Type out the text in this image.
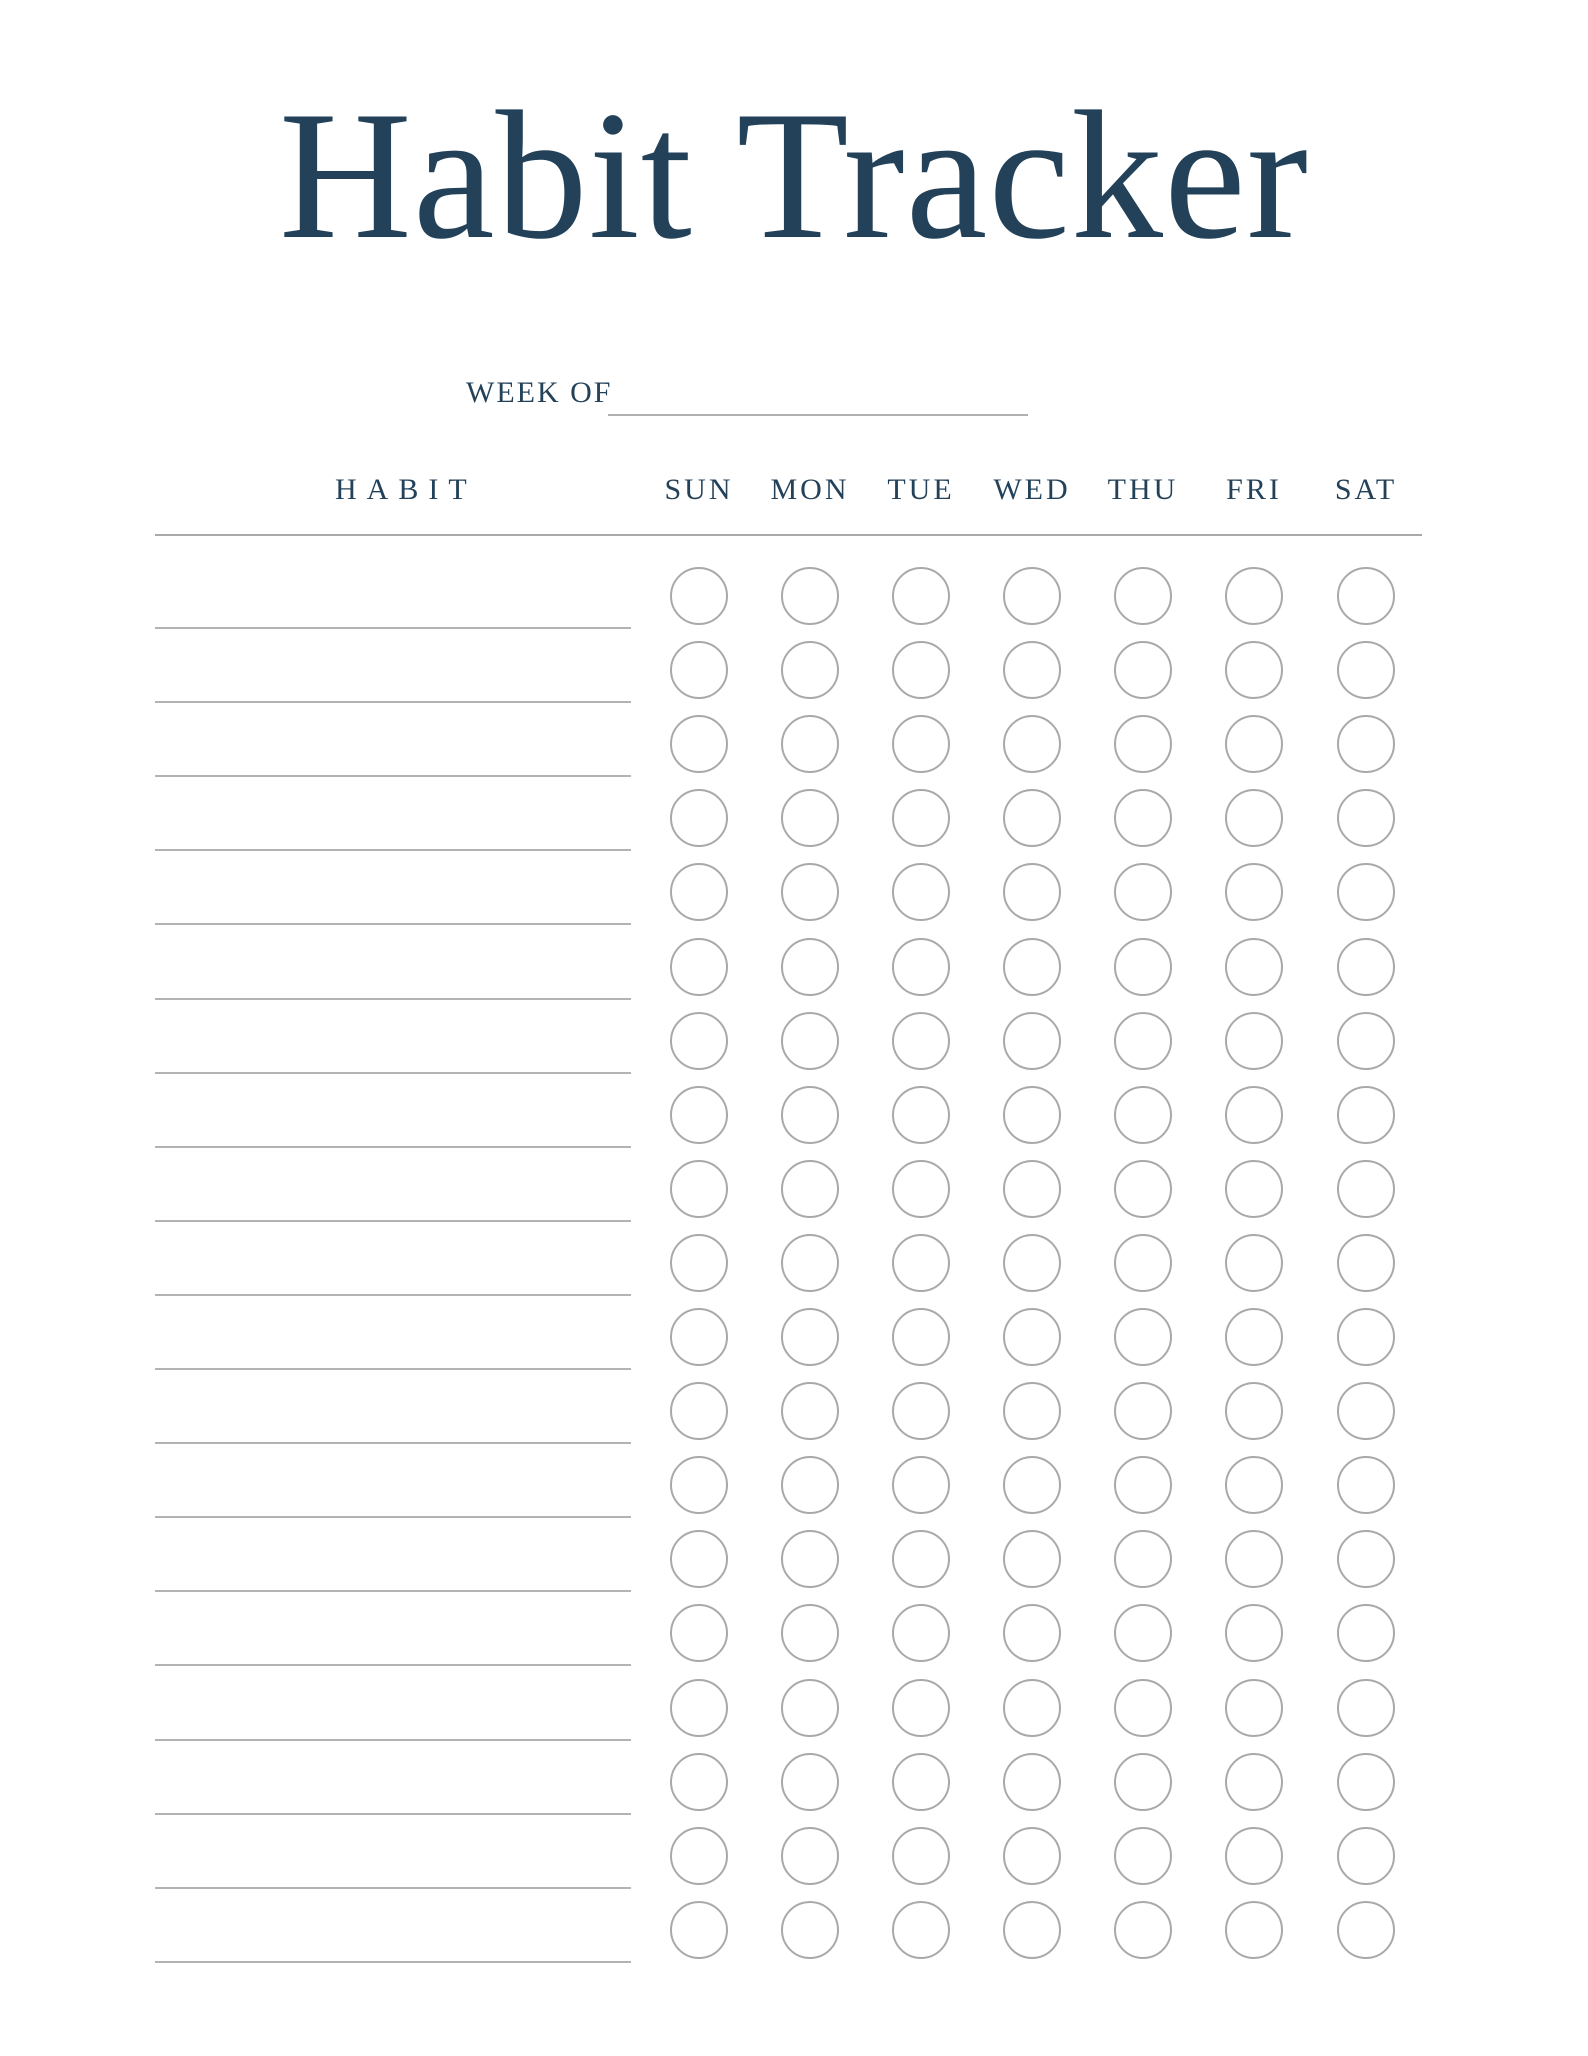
Habit Tracker
WEEK OF
HABIT	SUN	MON	TUE	WED	THU	FRI	SAT
